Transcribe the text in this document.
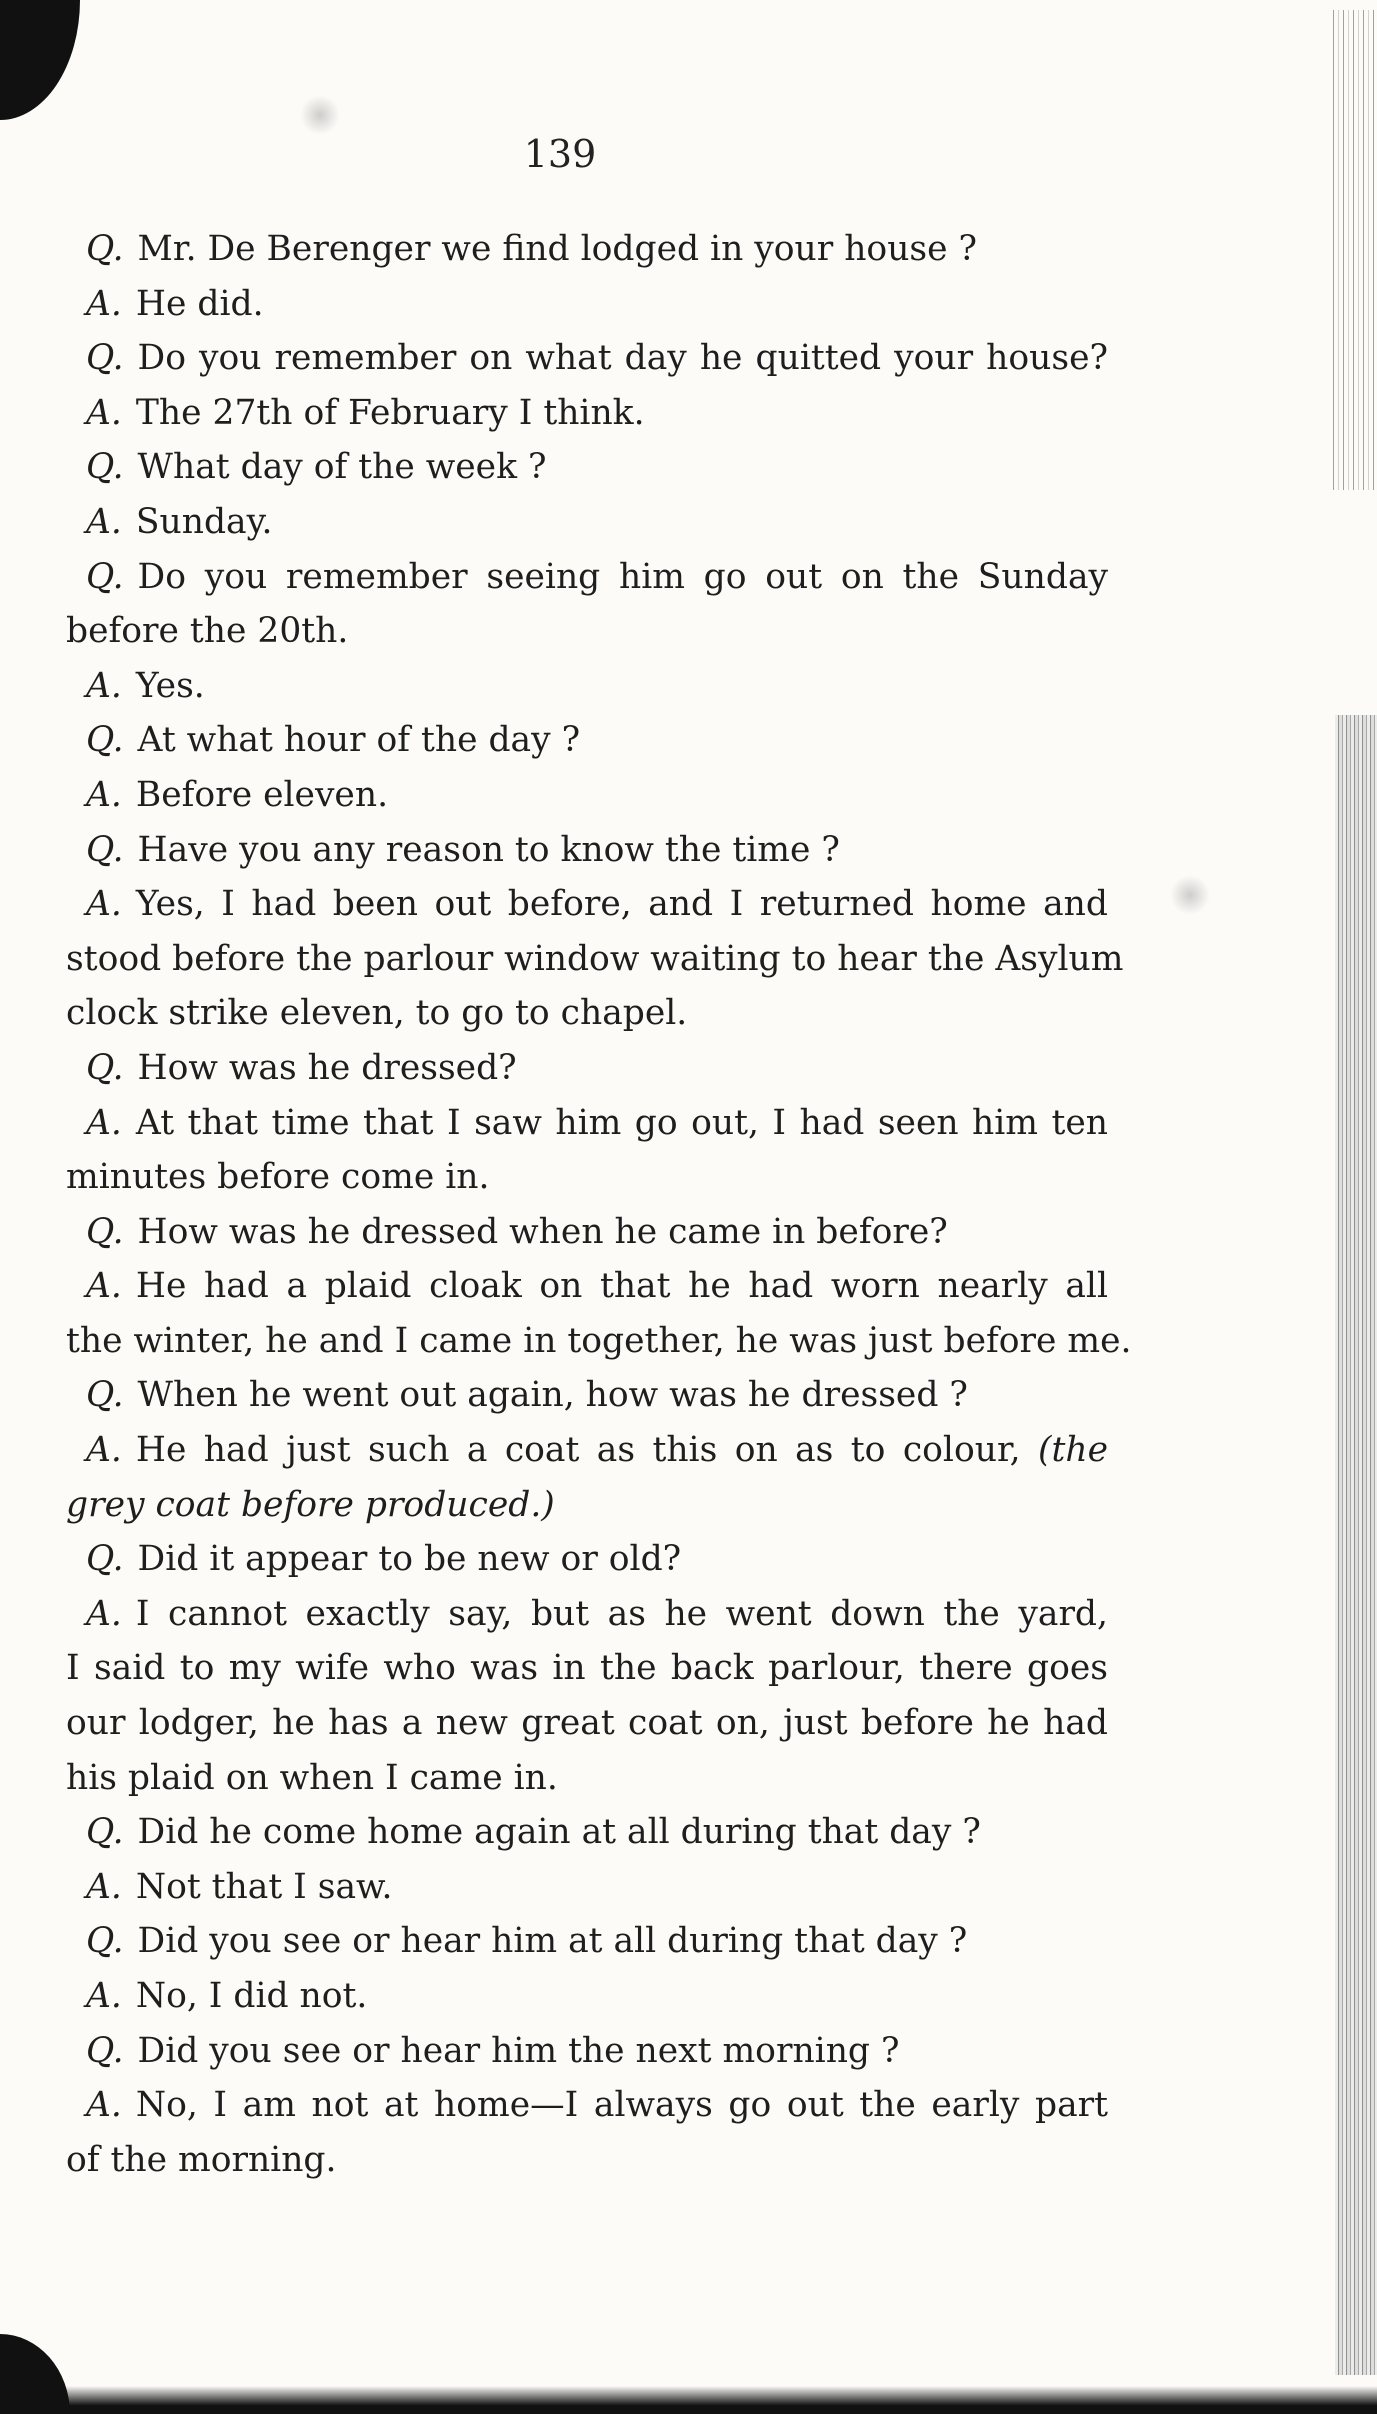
139
Q. Mr. De Berenger we find lodged in your house ?
A. He did.
Q. Do you remember on what day he quitted your house?
A. The 27th of February I think.
Q. What day of the week ?
A. Sunday.
Q. Do you remember seeing him go out on the Sunday
before the 20th.
A. Yes.
Q. At what hour of the day ?
A. Before eleven.
Q. Have you any reason to know the time ?
A. Yes, I had been out before, and I returned home and
stood before the parlour window waiting to hear the Asylum
clock strike eleven, to go to chapel.
Q. How was he dressed?
A. At that time that I saw him go out, I had seen him ten
minutes before come in.
Q. How was he dressed when he came in before?
A. He had a plaid cloak on that he had worn nearly all
the winter, he and I came in together, he was just before me.
Q. When he went out again, how was he dressed ?
A. He had just such a coat as this on as to colour, (the
grey coat before produced.)
Q. Did it appear to be new or old?
A. I cannot exactly say, but as he went down the yard,
I said to my wife who was in the back parlour, there goes
our lodger, he has a new great coat on, just before he had
his plaid on when I came in.
Q. Did he come home again at all during that day ?
A. Not that I saw.
Q. Did you see or hear him at all during that day ?
A. No, I did not.
Q. Did you see or hear him the next morning ?
A. No, I am not at home—I always go out the early part
of the morning.
